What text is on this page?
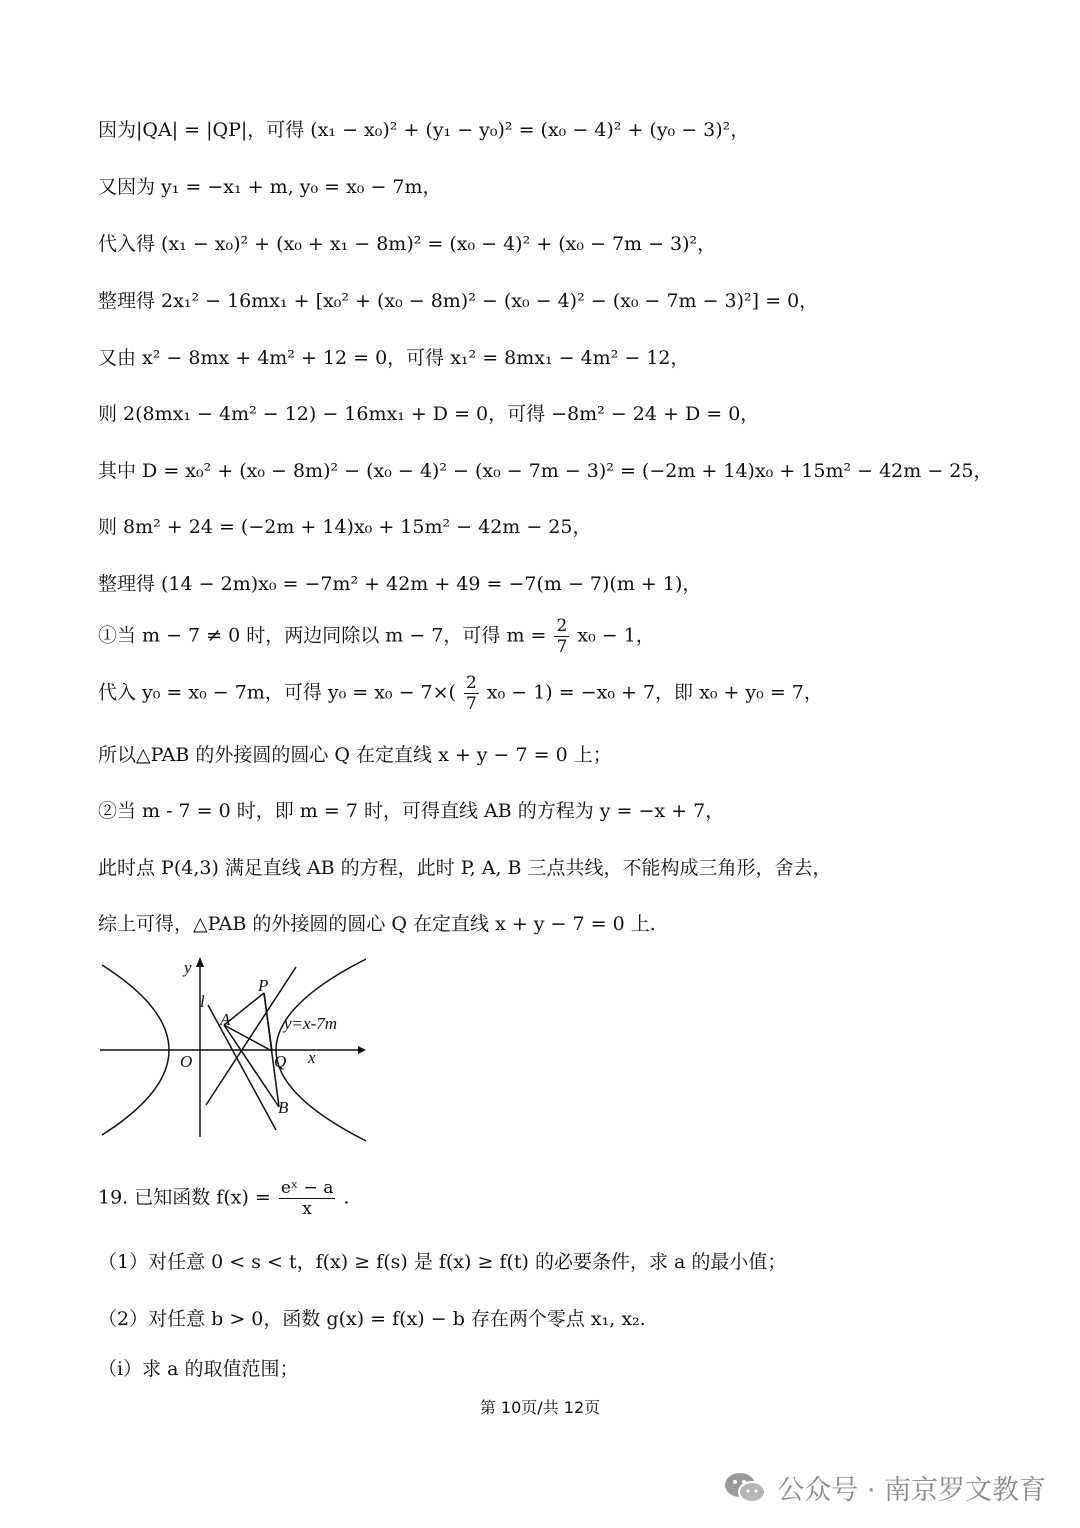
因为|QA| = |QP|，可得 (x₁ − x₀)² + (y₁ − y₀)² = (x₀ − 4)² + (y₀ − 3)²，
又因为 y₁ = −x₁ + m, y₀ = x₀ − 7m，
代入得 (x₁ − x₀)² + (x₀ + x₁ − 8m)² = (x₀ − 4)² + (x₀ − 7m − 3)²，
整理得 2x₁² − 16mx₁ + [x₀² + (x₀ − 8m)² − (x₀ − 4)² − (x₀ − 7m − 3)²] = 0，
又由 x² − 8mx + 4m² + 12 = 0，可得 x₁² = 8mx₁ − 4m² − 12，
则 2(8mx₁ − 4m² − 12) − 16mx₁ + D = 0，可得 −8m² − 24 + D = 0，
其中 D = x₀² + (x₀ − 8m)² − (x₀ − 4)² − (x₀ − 7m − 3)² = (−2m + 14)x₀ + 15m² − 42m − 25，
则 8m² + 24 = (−2m + 14)x₀ + 15m² − 42m − 25，
整理得 (14 − 2m)x₀ = −7m² + 42m + 49 = −7(m − 7)(m + 1)，
①当 m − 7 ≠ 0 时，两边同除以 m − 7，可得 $m = \frac{2}{7} x_0 - 1$，
代入 y₀ = x₀ − 7m，可得 $y_0 = x_0 - 7\times( \frac{2}{7} x_0 - 1) = -x_0 + 7$，即 x₀ + y₀ = 7，
所以△PAB 的外接圆的圆心 Q 在定直线 x + y − 7 = 0 上；
②当 m - 7 = 0 时，即 m = 7 时，可得直线 AB 的方程为 y = −x + 7，
此时点 P(4,3) 满足直线 AB 的方程，此时 P, A, B 三点共线，不能构成三角形，舍去，
综上可得，△PAB 的外接圆的圆心 Q 在定直线 x + y − 7 = 0 上.
y
x
O
P
A
Q
B
l
y=x-7m
19. 已知函数 $f(x) = \frac{\text{eˣ − a}}{x}$ .
（1）对任意 0 < s < t，f(x) ≥ f(s) 是 f(x) ≥ f(t) 的必要条件，求 a 的最小值；
（2）对任意 b > 0，函数 g(x) = f(x) − b 存在两个零点 x₁, x₂.
（i）求 a 的取值范围；
第 10页/共 12页
公众号 · 南京罗文教育
